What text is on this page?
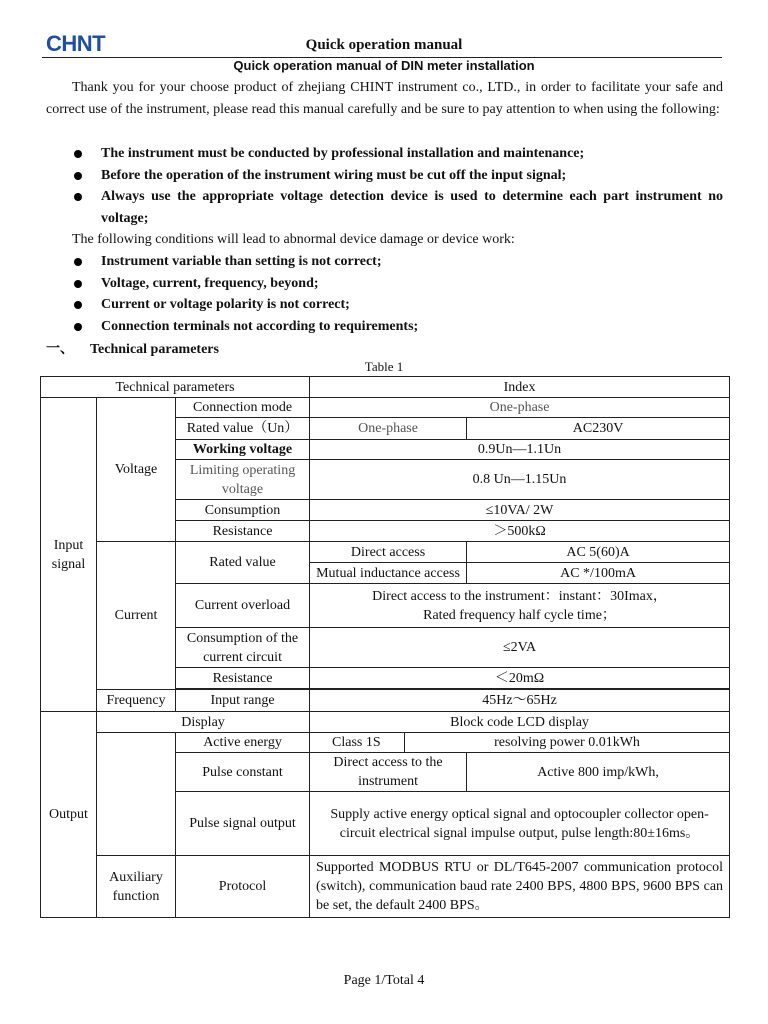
CHNT	Quick operation manual
Quick operation manual of DIN meter installation
Thank you for your choose product of zhejiang CHINT instrument co., LTD., in order to facilitate your safe and correct use of the instrument, please read this manual carefully and be sure to pay attention to when using the following:
The instrument must be conducted by professional installation and maintenance;
Before the operation of the instrument wiring must be cut off the input signal;
Always use the appropriate voltage detection device is used to determine each part instrument no voltage;
The following conditions will lead to abnormal device damage or device work:
Instrument variable than setting is not correct;
Voltage, current, frequency, beyond;
Current or voltage polarity is not correct;
Connection terminals not according to requirements;
一、 Technical parameters
Table 1
Technical parameters			Index		
Input signal	Voltage	Connection mode	One-phase		
		Rated value（Un）	One-phase		AC230V
		Working voltage	0.9Un—1.1Un		
		Limiting operating voltage	0.8 Un—1.15Un		
		Consumption	≤10VA/ 2W		
		Resistance	＞500kΩ		
	Current	Rated value	Direct access		AC 5(60)A
			Mutual inductance access		AC */100mA
		Current overload	Direct access to the instrument：instant：30Imax，
Rated frequency half cycle time；		

		Consumption of the current circuit	≤2VA		
		Resistance	＜20mΩ		

	Frequency	Input range	45Hz～65Hz		
Output	Display		Block code LCD display		
		Active energy	Class 1S	resolving power 0.01kWh	
		Pulse constant	Direct access to the instrument		Active 800 imp/kWh,
		Pulse signal output	Supply active energy optical signal and optocoupler collector open-circuit electrical signal impulse output, pulse length:80±16ms。		
	Auxiliary function	Protocol	Supported MODBUS RTU or DL/T645-2007 communication protocol (switch), communication baud rate 2400 BPS, 4800 BPS, 9600 BPS can be set, the default 2400 BPS。		
Page 1/Total 4
